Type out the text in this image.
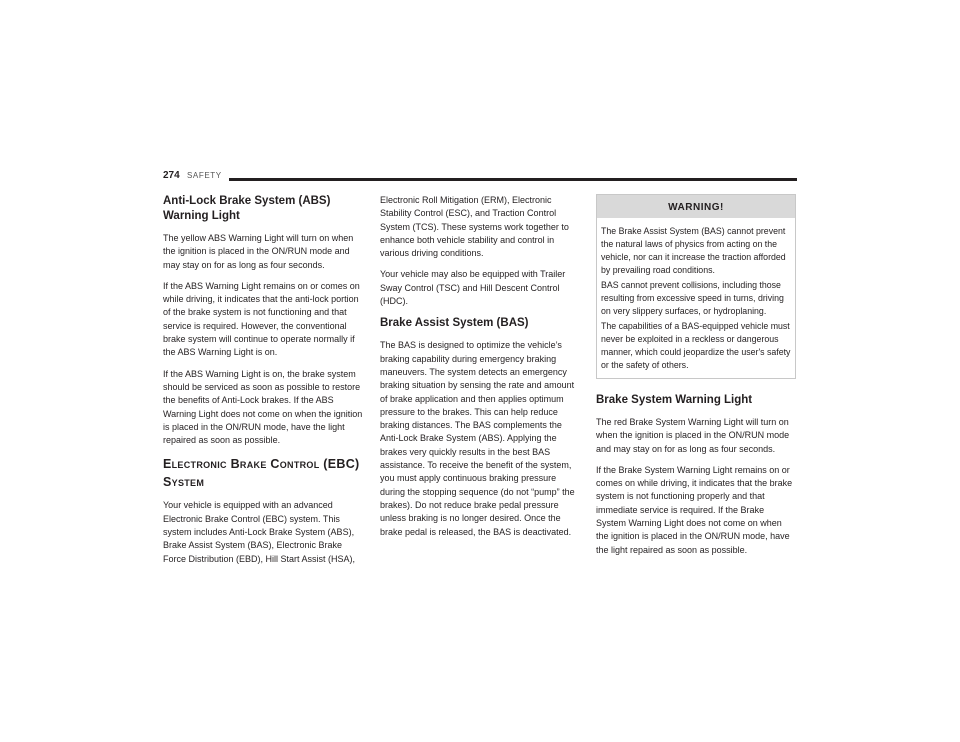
274 SAFETY
Anti-Lock Brake System (ABS) Warning Light

The yellow ABS Warning Light will turn on when the ignition is placed in the ON/RUN mode and may stay on for as long as four seconds.

If the ABS Warning Light remains on or comes on while driving, it indicates that the anti-lock portion of the brake system is not functioning and that service is required. However, the conventional brake system will continue to operate normally if the ABS Warning Light is on.

If the ABS Warning Light is on, the brake system should be serviced as soon as possible to restore the benefits of Anti-Lock brakes. If the ABS Warning Light does not come on when the ignition is placed in the ON/RUN mode, have the light repaired as soon as possible.

Electronic Brake Control (EBC) System

Your vehicle is equipped with an advanced Electronic Brake Control (EBC) system. This system includes Anti-Lock Brake System (ABS), Brake Assist System (BAS), Electronic Brake Force Distribution (EBD), Hill Start Assist (HSA),

Electronic Roll Mitigation (ERM), Electronic Stability Control (ESC), and Traction Control System (TCS). These systems work together to enhance both vehicle stability and control in various driving conditions.

Your vehicle may also be equipped with Trailer Sway Control (TSC) and Hill Descent Control (HDC).

Brake Assist System (BAS)

The BAS is designed to optimize the vehicle’s braking capability during emergency braking maneuvers. The system detects an emergency braking situation by sensing the rate and amount of brake application and then applies optimum pressure to the brakes. This can help reduce braking distances. The BAS complements the Anti-Lock Brake System (ABS). Applying the brakes very quickly results in the best BAS assistance. To receive the benefit of the system, you must apply continuous braking pressure during the stopping sequence (do not “pump” the brakes). Do not reduce brake pedal pressure unless braking is no longer desired. Once the brake pedal is released, the BAS is deactivated.

WARNING!

The Brake Assist System (BAS) cannot prevent the natural laws of physics from acting on the vehicle, nor can it increase the traction afforded by prevailing road conditions.

BAS cannot prevent collisions, including those resulting from excessive speed in turns, driving on very slippery surfaces, or hydroplaning.

The capabilities of a BAS-equipped vehicle must never be exploited in a reckless or dangerous manner, which could jeopardize the user's safety or the safety of others.

Brake System Warning Light

The red Brake System Warning Light will turn on when the ignition is placed in the ON/RUN mode and may stay on for as long as four seconds.

If the Brake System Warning Light remains on or comes on while driving, it indicates that the brake system is not functioning properly and that immediate service is required. If the Brake System Warning Light does not come on when the ignition is placed in the ON/RUN mode, have the light repaired as soon as possible.
